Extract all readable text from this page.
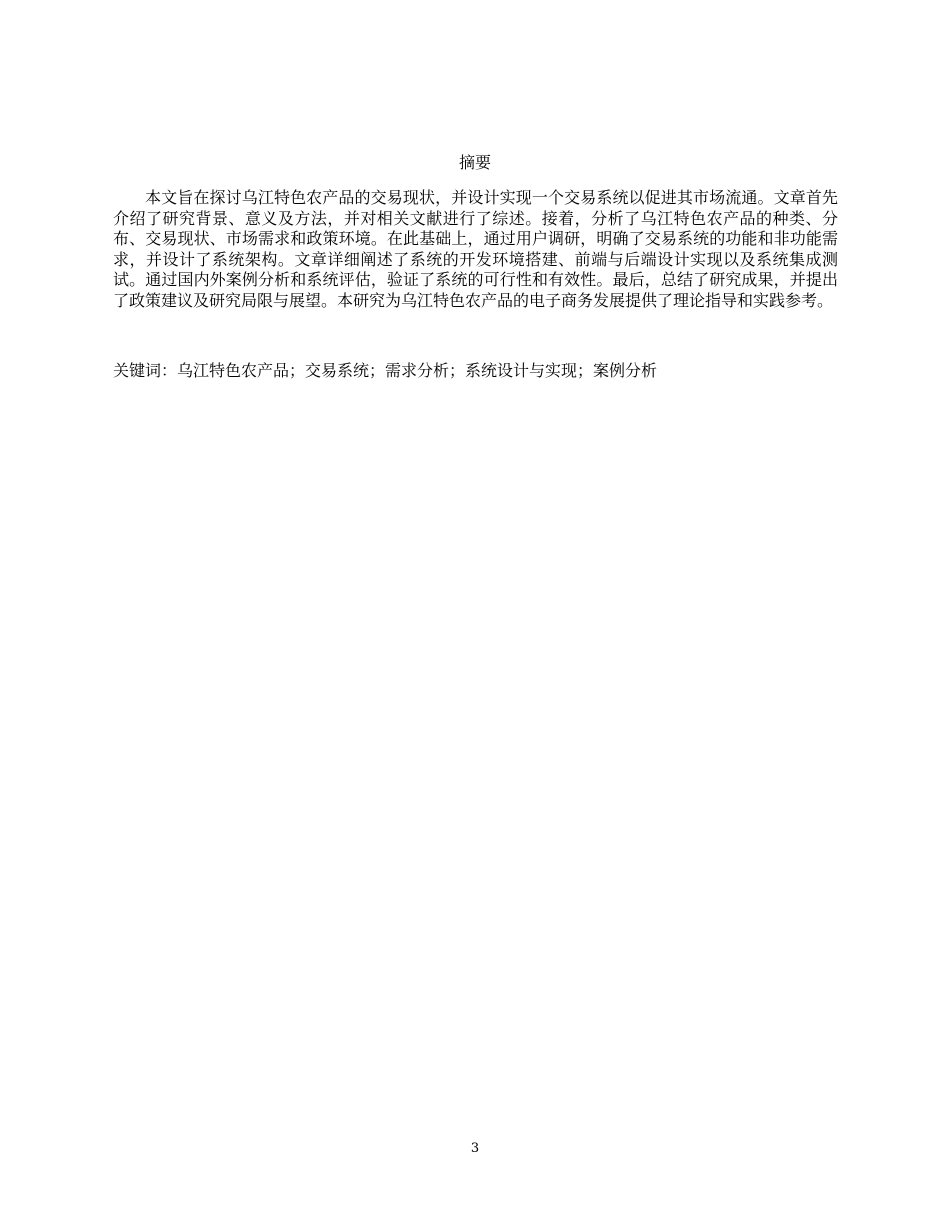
摘要

本文旨在探讨乌江特色农产品的交易现状，并设计实现一个交易系统以促进其市场流通。文章首先介绍了研究背景、意义及方法，并对相关文献进行了综述。接着，分析了乌江特色农产品的种类、分布、交易现状、市场需求和政策环境。在此基础上，通过用户调研，明确了交易系统的功能和非功能需求，并设计了系统架构。文章详细阐述了系统的开发环境搭建、前端与后端设计实现以及系统集成测试。通过国内外案例分析和系统评估，验证了系统的可行性和有效性。最后，总结了研究成果，并提出了政策建议及研究局限与展望。本研究为乌江特色农产品的电子商务发展提供了理论指导和实践参考。

关键词：乌江特色农产品；交易系统；需求分析；系统设计与实现；案例分析

3
